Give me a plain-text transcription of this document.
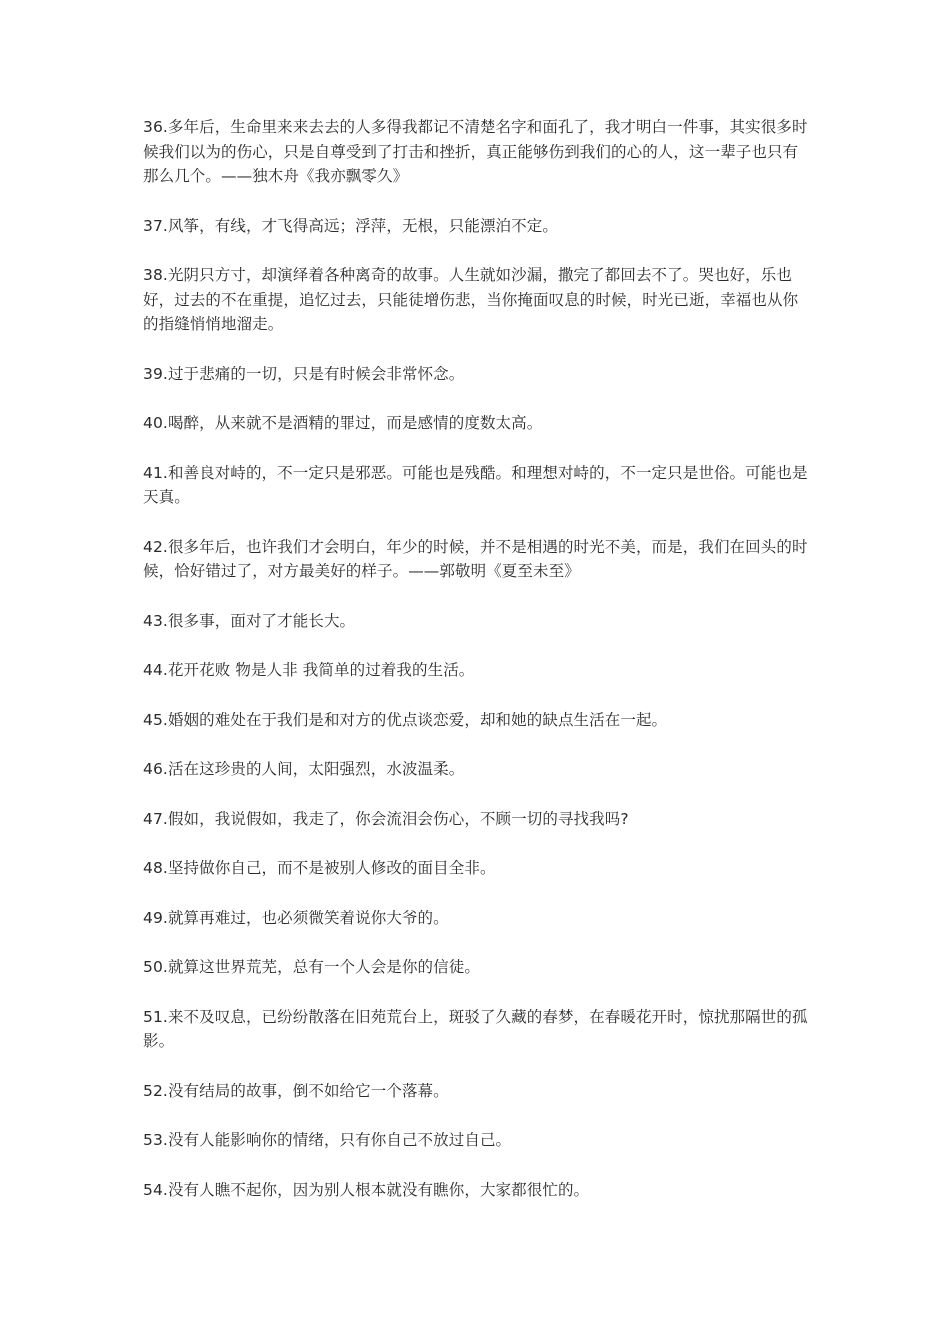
36.多年后，生命里来来去去的人多得我都记不清楚名字和面孔了，我才明白一件事，其实很多时候我们以为的伤心，只是自尊受到了打击和挫折，真正能够伤到我们的心的人，这一辈子也只有那么几个。——独木舟《我亦飘零久》

37.风筝，有线，才飞得高远；浮萍，无根，只能漂泊不定。

38.光阴只方寸，却演绎着各种离奇的故事。人生就如沙漏，撒完了都回去不了。哭也好，乐也好，过去的不在重提，追忆过去，只能徒增伤悲，当你掩面叹息的时候，时光已逝，幸福也从你的指缝悄悄地溜走。

39.过于悲痛的一切，只是有时候会非常怀念。

40.喝醉，从来就不是酒精的罪过，而是感情的度数太高。

41.和善良对峙的，不一定只是邪恶。可能也是残酷。和理想对峙的，不一定只是世俗。可能也是天真。

42.很多年后，也许我们才会明白，年少的时候，并不是相遇的时光不美，而是，我们在回头的时候，恰好错过了，对方最美好的样子。——郭敬明《夏至未至》

43.很多事，面对了才能长大。

44.花开花败 物是人非 我简单的过着我的生活。

45.婚姻的难处在于我们是和对方的优点谈恋爱，却和她的缺点生活在一起。

46.活在这珍贵的人间，太阳强烈，水波温柔。

47.假如，我说假如，我走了，你会流泪会伤心，不顾一切的寻找我吗?

48.坚持做你自己，而不是被别人修改的面目全非。

49.就算再难过，也必须微笑着说你大爷的。

50.就算这世界荒芜，总有一个人会是你的信徒。

51.来不及叹息，已纷纷散落在旧苑荒台上，斑驳了久藏的春梦，在春暖花开时，惊扰那隔世的孤影。

52.没有结局的故事，倒不如给它一个落幕。

53.没有人能影响你的情绪，只有你自己不放过自己。

54.没有人瞧不起你，因为别人根本就没有瞧你，大家都很忙的。
